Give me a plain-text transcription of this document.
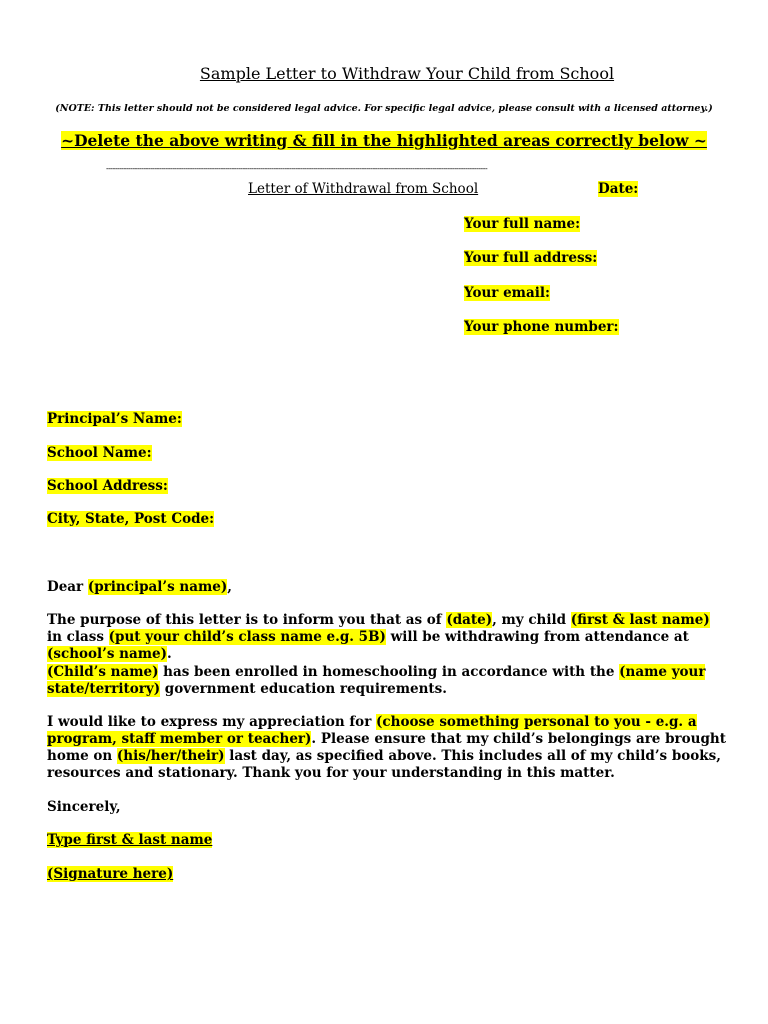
Sample Letter to Withdraw Your Child from School
(NOTE: This letter should not be considered legal advice. For specific legal advice, please consult with a licensed attorney.)
~Delete the above writing & fill in the highlighted areas correctly below ~
-----------------------------------------------------------------------------------------------------------------------------------------------------------------------------
Letter of Withdrawal from School	Date:
Your full name:
Your full address:
Your email:
Your phone number:
Principal’s Name:
School Name:
School Address:
City, State, Post Code:
Dear (principal’s name),
The purpose of this letter is to inform you that as of (date), my child (first & last name) in class (put your child’s class name e.g. 5B) will be withdrawing from attendance at (school’s name).
(Child’s name) has been enrolled in homeschooling in accordance with the (name your state/territory) government education requirements.
I would like to express my appreciation for (choose something personal to you - e.g. a program, staff member or teacher). Please ensure that my child’s belongings are brought home on (his/her/their) last day, as specified above. This includes all of my child’s books, resources and stationary. Thank you for your understanding in this matter.
Sincerely,
Type first & last name
(Signature here)
